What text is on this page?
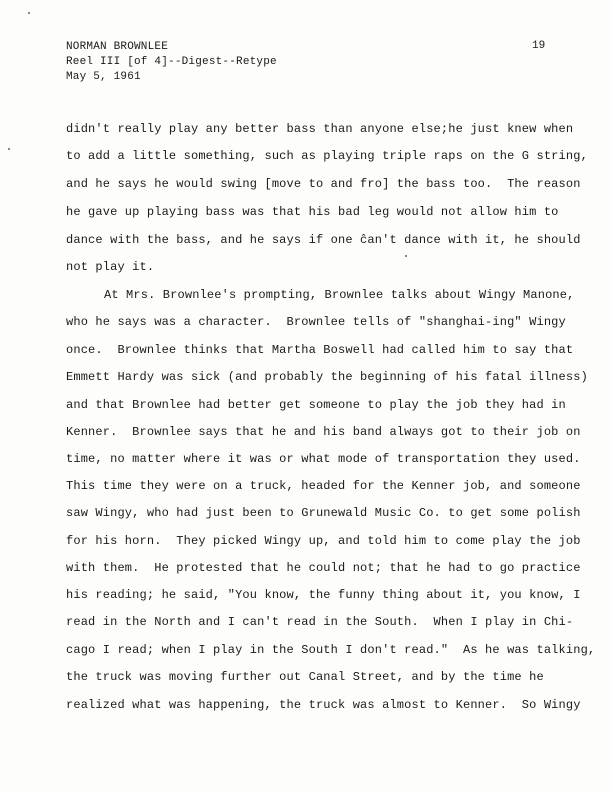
NORMAN BROWNLEE	19
Reel III [of 4]--Digest--Retype
May 5, 1961
didn't really play any better bass than anyone else;he just knew when
to add a little something, such as playing triple raps on the G string,
and he says he would swing [move to and fro] the bass too.  The reason
he gave up playing bass was that his bad leg would not allow him to
dance with the bass, and he says if one ĉan't dance with it, he should
not play it.
At Mrs. Brownlee's prompting, Brownlee talks about Wingy Manone,
who he says was a character.  Brownlee tells of "shanghai-ing" Wingy
once.  Brownlee thinks that Martha Boswell had called him to say that
Emmett Hardy was sick (and probably the beginning of his fatal illness)
and that Brownlee had better get someone to play the job they had in
Kenner.  Brownlee says that he and his band always got to their job on
time, no matter where it was or what mode of transportation they used.
This time they were on a truck, headed for the Kenner job, and someone
saw Wingy, who had just been to Grunewald Music Co. to get some polish
for his horn.  They picked Wingy up, and told him to come play the job
with them.  He protested that he could not; that he had to go practice
his reading; he said, "You know, the funny thing about it, you know, I
read in the North and I can't read in the South.  When I play in Chi-
cago I read; when I play in the South I don't read."  As he was talking,
the truck was moving further out Canal Street, and by the time he
realized what was happening, the truck was almost to Kenner.  So Wingy
